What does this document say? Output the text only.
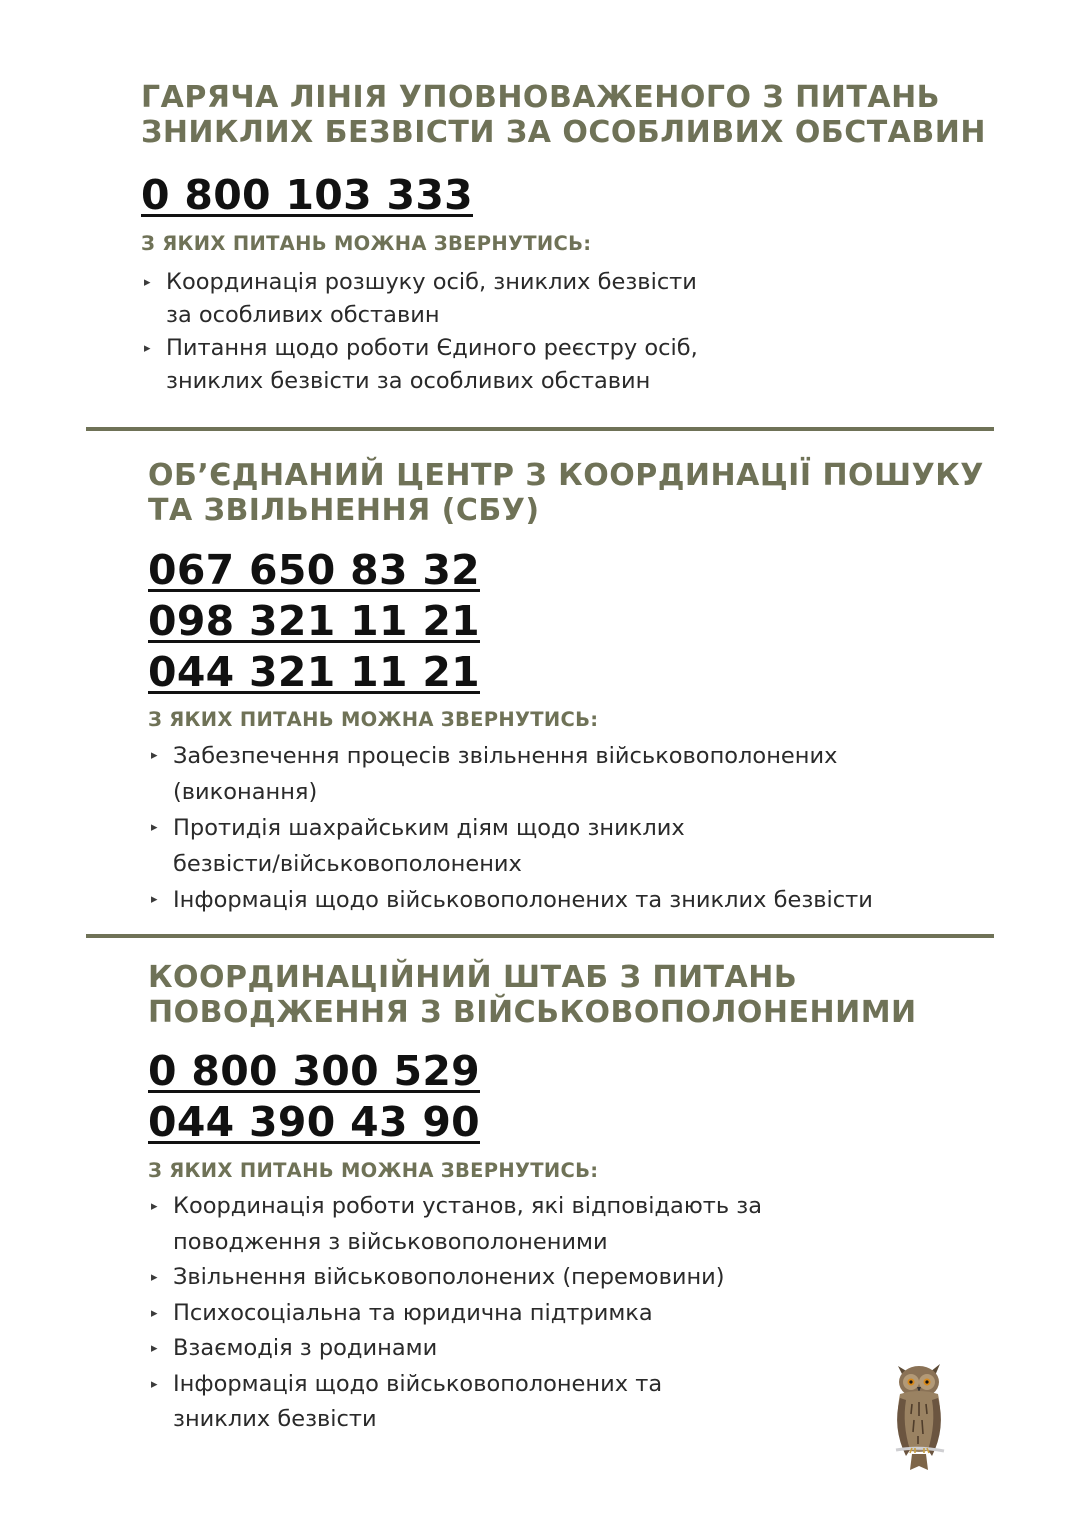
ГАРЯЧА ЛІНІЯ УПОВНОВАЖЕНОГО З ПИТАНЬ
ЗНИКЛИХ БЕЗВІСТИ ЗА ОСОБЛИВИХ ОБСТАВИН
0 800 103 333
З ЯКИХ ПИТАНЬ МОЖНА ЗВЕРНУТИСЬ:
▸ Координація розшуку осіб, зниклих безвісти
за особливих обставин
▸ Питання щодо роботи Єдиного реєстру осіб,
зниклих безвісти за особливих обставин
ОБ’ЄДНАНИЙ ЦЕНТР З КООРДИНАЦІЇ ПОШУКУ
ТА ЗВІЛЬНЕННЯ (СБУ)
067 650 83 32
098 321 11 21
044 321 11 21
З ЯКИХ ПИТАНЬ МОЖНА ЗВЕРНУТИСЬ:
▸ Забезпечення процесів звільнення військовополонених
(виконання)
▸ Протидія шахрайським діям щодо зниклих
безвісти/військовополонених
▸ Інформація щодо військовополонених та зниклих безвісти
КООРДИНАЦІЙНИЙ ШТАБ З ПИТАНЬ
ПОВОДЖЕННЯ З ВІЙСЬКОВОПОЛОНЕНИМИ
0 800 300 529
044 390 43 90
З ЯКИХ ПИТАНЬ МОЖНА ЗВЕРНУТИСЬ:
▸ Координація роботи установ, які відповідають за
поводження з військовополоненими
▸ Звільнення військовополонених (перемовини)
▸ Психосоціальна та юридична підтримка
▸ Взаємодія з родинами
▸ Інформація щодо військовополонених та
зниклих безвісти
